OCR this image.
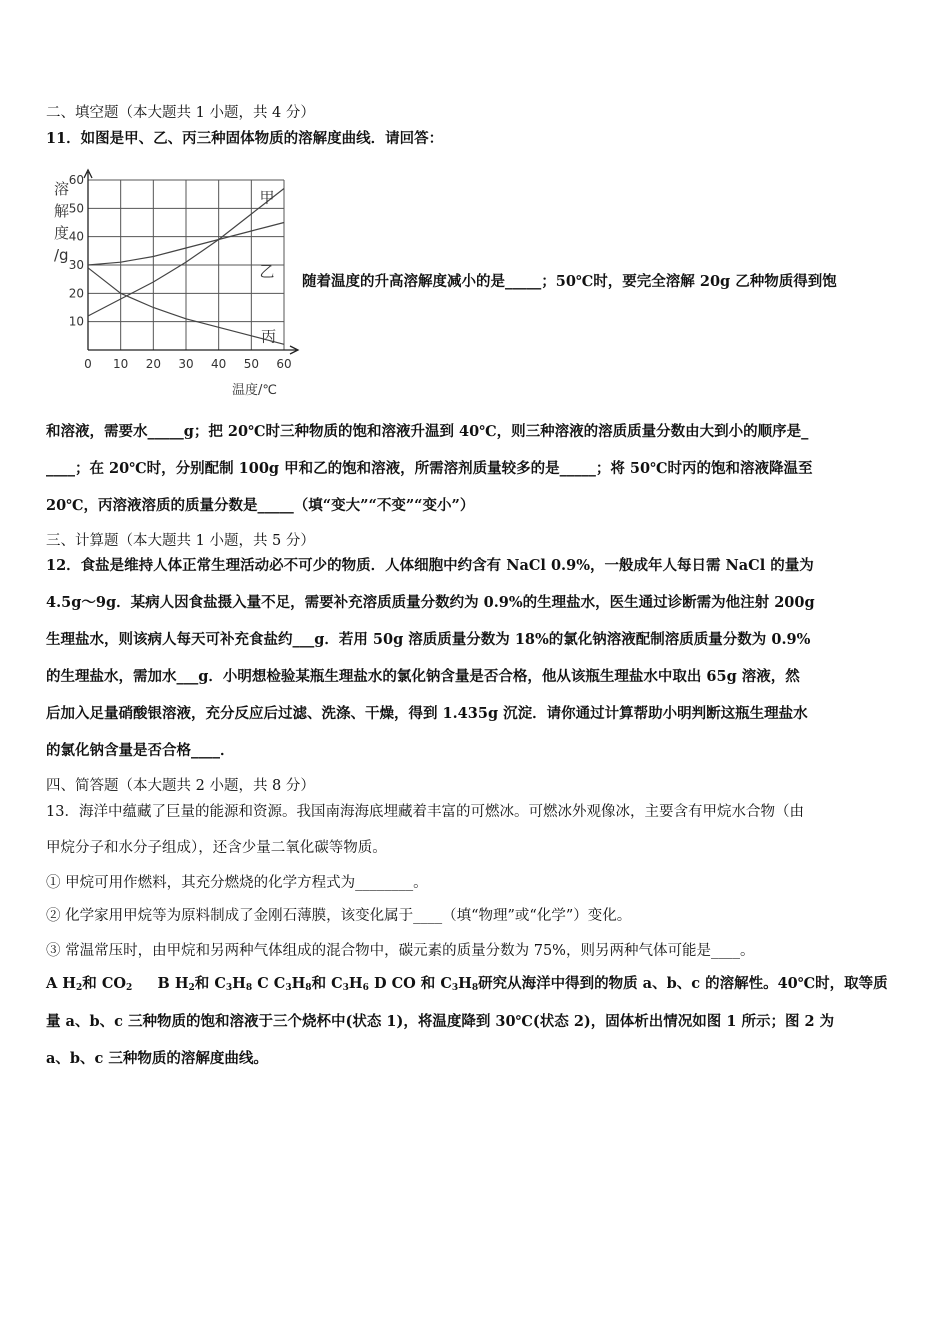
二、填空题（本大题共 1 小题，共 4 分）
11．如图是甲、乙、丙三种固体物质的溶解度曲线．请回答：
溶
解
度
/g
0 10 20 30 40 50 60
10
20
30
40
50
60
甲
乙
丙
温度/℃
随着温度的升高溶解度减小的是_____；50℃时，要完全溶解 20g 乙种物质得到饱
和溶液，需要水_____g；把 20℃时三种物质的饱和溶液升温到 40℃，则三种溶液的溶质质量分数由大到小的顺序是_
____；在 20℃时，分别配制 100g 甲和乙的饱和溶液，所需溶剂质量较多的是_____；将 50℃时丙的饱和溶液降温至
20℃，丙溶液溶质的质量分数是_____（填“变大”“不变”“变小”）
三、计算题（本大题共 1 小题，共 5 分）
12．食盐是维持人体正常生理活动必不可少的物质．人体细胞中约含有 NaCl 0.9%，一般成年人每日需 NaCl 的量为
4.5g～9g．某病人因食盐摄入量不足，需要补充溶质质量分数约为 0.9%的生理盐水，医生通过诊断需为他注射 200g
生理盐水，则该病人每天可补充食盐约___g．若用 50g 溶质质量分数为 18%的氯化钠溶液配制溶质质量分数为 0.9%
的生理盐水，需加水___g．小明想检验某瓶生理盐水的氯化钠含量是否合格，他从该瓶生理盐水中取出 65g 溶液，然
后加入足量硝酸银溶液，充分反应后过滤、洗涤、干燥，得到 1.435g 沉淀．请你通过计算帮助小明判断这瓶生理盐水
的氯化钠含量是否合格____．
四、简答题（本大题共 2 小题，共 8 分）
13．海洋中蕴藏了巨量的能源和资源。我国南海海底埋藏着丰富的可燃冰。可燃冰外观像冰，主要含有甲烷水合物（由
甲烷分子和水分子组成），还含少量二氧化碳等物质。
① 甲烷可用作燃料，其充分燃烧的化学方程式为________。
② 化学家用甲烷等为原料制成了金刚石薄膜，该变化属于____（填“物理”或“化学”）变化。
③ 常温常压时，由甲烷和另两种气体组成的混合物中，碳元素的质量分数为 75%，则另两种气体可能是____。
A $H_2$和 $CO_2$ B $H_2$和 $C_3H_8$ C $C_3H_8$和 $C_3H_6$ D CO 和 $C_3H_8$研究从海洋中得到的物质 a、b、c 的溶解性。40℃时，取等质
量 a、b、c 三种物质的饱和溶液于三个烧杯中(状态 1)，将温度降到 30℃(状态 2)，固体析出情况如图 1 所示；图 2 为
a、b、c 三种物质的溶解度曲线。
